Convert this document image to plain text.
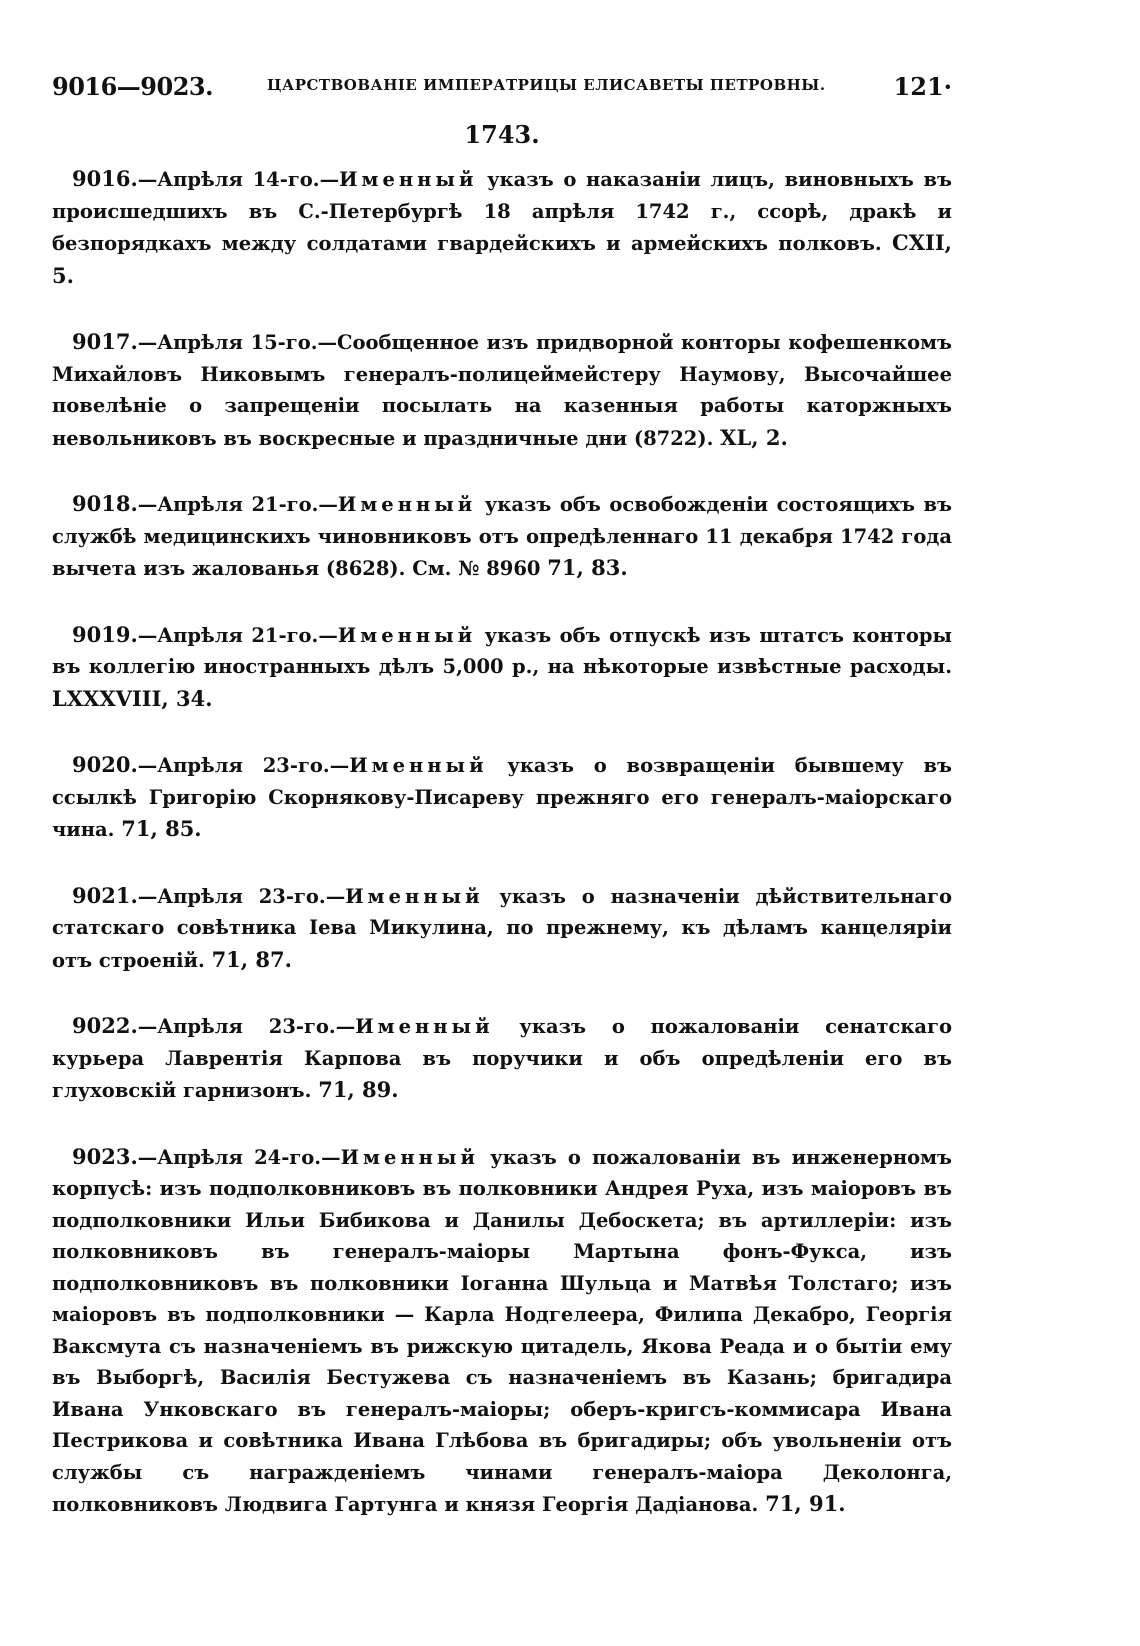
9016—9023.	ЦАРСТВОВАНІЕ ИМПЕРАТРИЦЫ ЕЛИСАВЕТЫ ПЕТРОВНЫ.	121·
1743.

9016.—Апрѣля 14-го.—Именный указъ о наказаніи лицъ, виновныхъ въ происшедшихъ въ С.-Петербургѣ 18 апрѣля 1742 г., ссорѣ, дракѣ и безпорядкахъ между солдатами гвардейскихъ и армейскихъ полковъ. CXII, 5.

9017.—Апрѣля 15-го.—Сообщенное изъ придворной конторы кофешенкомъ Михайловъ Никовымъ генералъ-полицеймейстеру Наумову, Высочайшее повелѣніе о запрещеніи посылать на казенныя работы каторжныхъ невольниковъ въ воскресные и праздничные дни (8722). XL, 2.

9018.—Апрѣля 21-го.—Именный указъ объ освобожденіи состоящихъ въ службѣ медицинскихъ чиновниковъ отъ опредѣленнаго 11 декабря 1742 года вычета изъ жалованья (8628). См. № 8960 71, 83.

9019.—Апрѣля 21-го.—Именный указъ объ отпускѣ изъ штатсъ конторы въ коллегію иностранныхъ дѣлъ 5,000 р., на нѣкоторые извѣстные расходы. LXXXVIII, 34.

9020.—Апрѣля 23-го.—Именный указъ о возвращеніи бывшему въ ссылкѣ Григорію Скорнякову-Писареву прежняго его генералъ-маіорскаго чина. 71, 85.

9021.—Апрѣля 23-го.—Именный указъ о назначеніи дѣйствительнаго статскаго совѣтника Іева Микулина, по прежнему, къ дѣламъ канцеляріи отъ строеній. 71, 87.

9022.—Апрѣля 23-го.—Именный указъ о пожалованіи сенатскаго курьера Лаврентія Карпова въ поручики и объ опредѣленіи его въ глуховскій гарнизонъ. 71, 89.

9023.—Апрѣля 24-го.—Именный указъ о пожалованіи въ инженерномъ корпусѣ: изъ подполковниковъ въ полковники Андрея Руха, изъ маіоровъ въ подполковники Ильи Бибикова и Данилы Дебоскета; въ артиллеріи: изъ полковниковъ въ генералъ-маіоры Мартына фонъ-Фукса, изъ подполковниковъ въ полковники Іоганна Шульца и Матвѣя Толстаго; изъ маіоровъ въ подполковники — Карла Нодгелеера, Филипа Декабро, Георгія Ваксмута съ назначеніемъ въ рижскую цитадель, Якова Реада и о бытіи ему въ Выборгѣ, Василія Бестужева съ назначеніемъ въ Казань; бригадира Ивана Унковскаго въ генералъ-маіоры; оберъ-кригсъ-коммисара Ивана Пестрикова и совѣтника Ивана Глѣбова въ бригадиры; объ увольненіи отъ службы съ награжденіемъ чинами генералъ-маіора Деколонга, полковниковъ Людвига Гартунга и князя Георгія Дадіанова. 71, 91.
